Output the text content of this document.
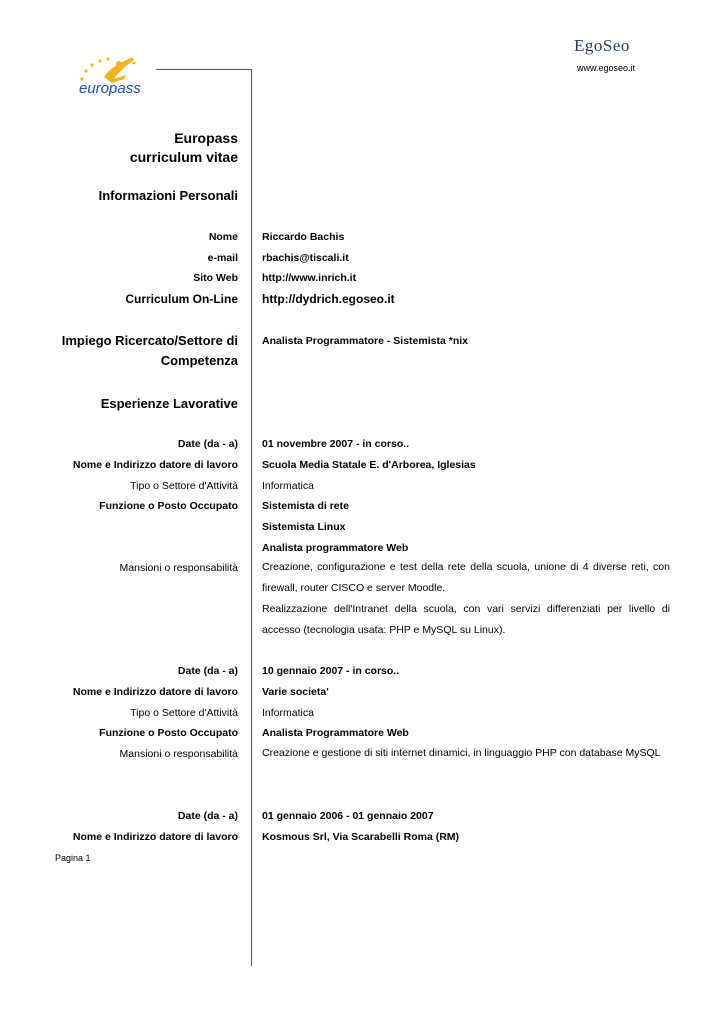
europass
EgoSeo
www.egoseo.it
Europass
curriculum vitae
Informazioni Personali
Nome Riccardo Bachis
e-mail rbachis@tiscali.it
Sito Web http://www.inrich.it
Curriculum On-Line http://dydrich.egoseo.it
Impiego Ricercato/Settore di
Competenza
Analista Programmatore - Sistemista *nix
Esperienze Lavorative
Date (da - a) 01 novembre 2007 - in corso..
Nome e Indirizzo datore di lavoro Scuola Media Statale E. d'Arborea, Iglesias
Tipo o Settore d'Attività Informatica
Funzione o Posto Occupato Sistemista di rete
Sistemista Linux
Analista programmatore Web
Mansioni o responsabilità Creazione, configurazione e test della rete della scuola, unione di 4 diverse reti, con firewall, router CISCO e server Moodle.
Realizzazione dell'Intranet della scuola, con vari servizi differenziati per livello di accesso (tecnologia usata: PHP e MySQL su Linux).
Date (da - a) 10 gennaio 2007 - in corso..
Nome e Indirizzo datore di lavoro Varie societa'
Tipo o Settore d'Attività Informatica
Funzione o Posto Occupato Analista Programmatore Web
Mansioni o responsabilità Creazione e gestione di siti internet dinamici, in linguaggio PHP con database MySQL
Date (da - a) 01 gennaio 2006 - 01 gennaio 2007
Nome e Indirizzo datore di lavoro Kosmous Srl, Via Scarabelli Roma (RM)
Pagina 1
